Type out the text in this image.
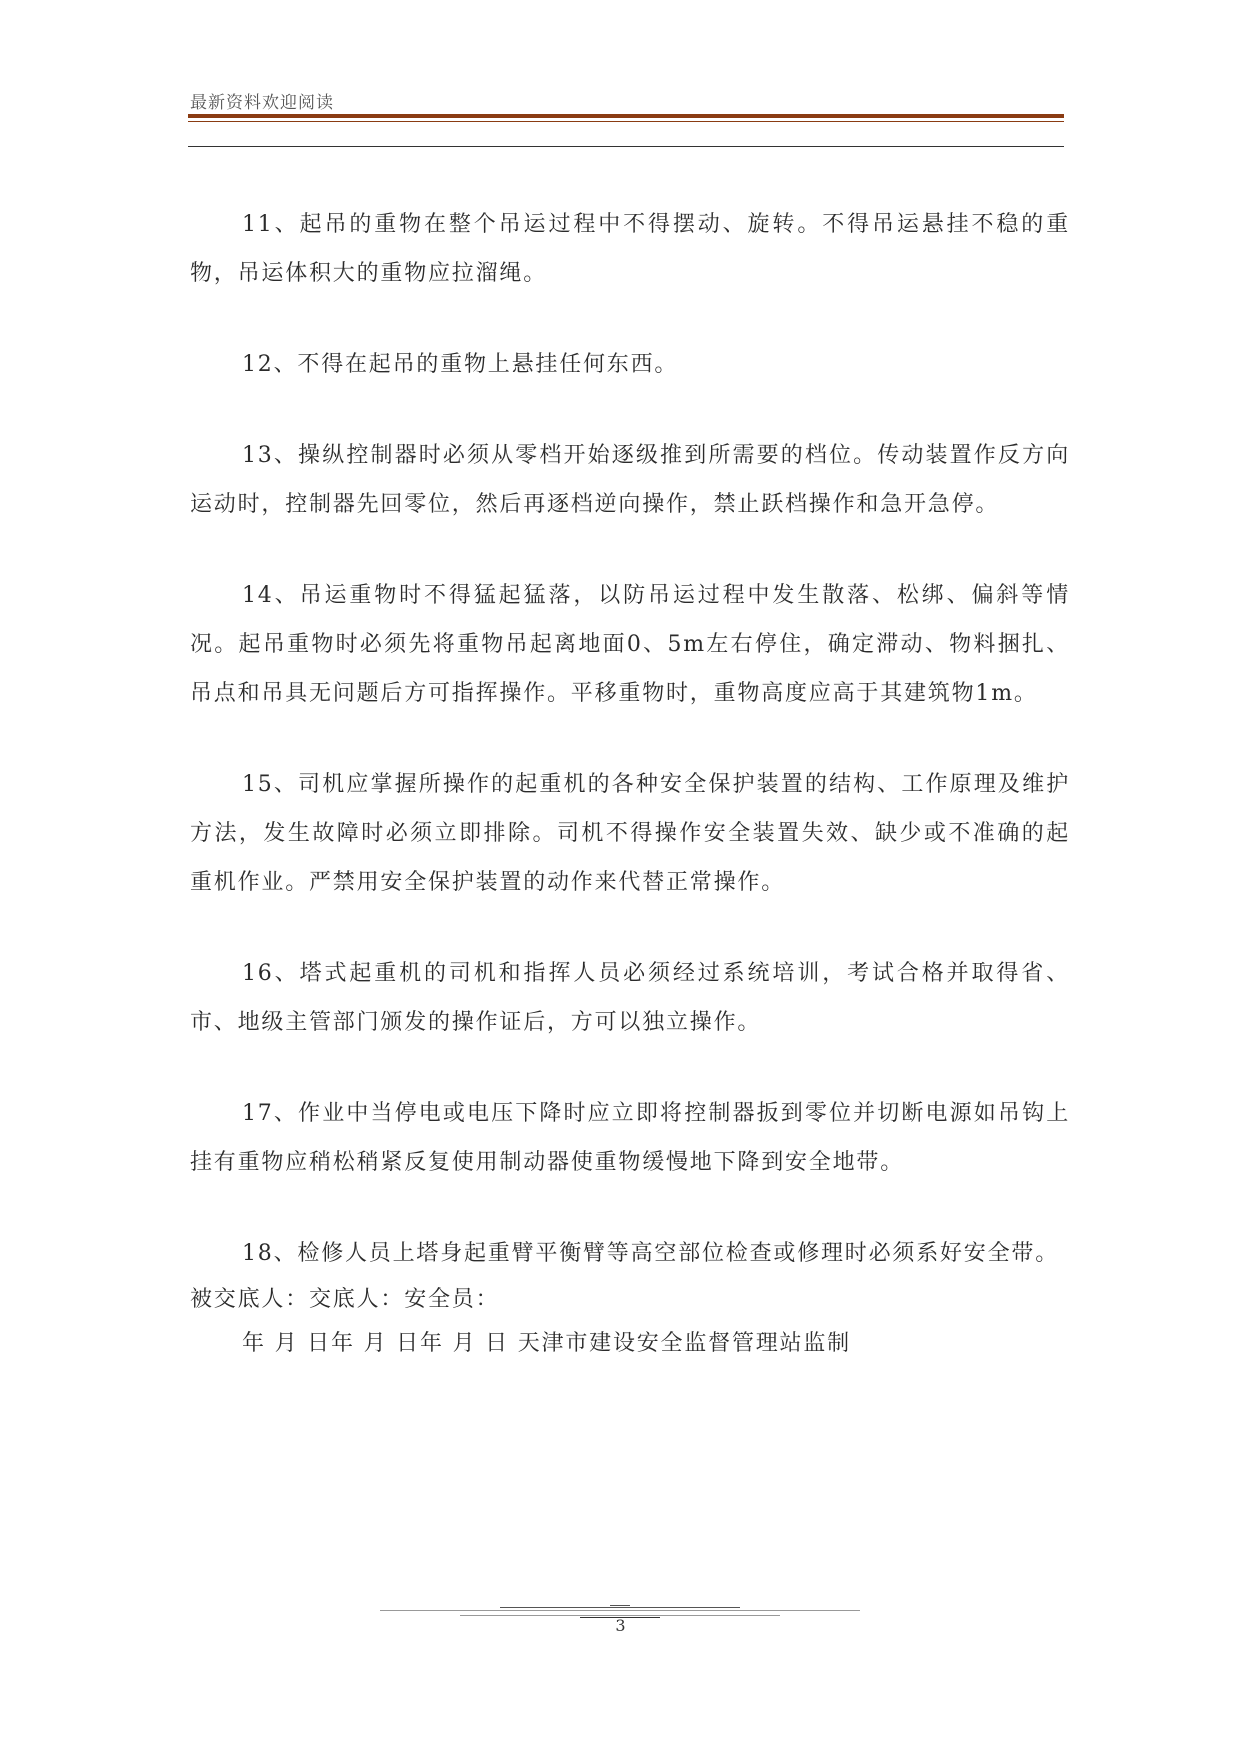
最新资料欢迎阅读

11、起吊的重物在整个吊运过程中不得摆动、旋转。不得吊运悬挂不稳的重物，吊运体积大的重物应拉溜绳。

12、不得在起吊的重物上悬挂任何东西。

13、操纵控制器时必须从零档开始逐级推到所需要的档位。传动装置作反方向运动时，控制器先回零位，然后再逐档逆向操作，禁止跃档操作和急开急停。

14、吊运重物时不得猛起猛落，以防吊运过程中发生散落、松绑、偏斜等情况。起吊重物时必须先将重物吊起离地面0、5m左右停住，确定滞动、物料捆扎、吊点和吊具无问题后方可指挥操作。平移重物时，重物高度应高于其建筑物1m。

15、司机应掌握所操作的起重机的各种安全保护装置的结构、工作原理及维护方法，发生故障时必须立即排除。司机不得操作安全装置失效、缺少或不准确的起重机作业。严禁用安全保护装置的动作来代替正常操作。

16、塔式起重机的司机和指挥人员必须经过系统培训，考试合格并取得省、市、地级主管部门颁发的操作证后，方可以独立操作。

17、作业中当停电或电压下降时应立即将控制器扳到零位并切断电源如吊钩上挂有重物应稍松稍紧反复使用制动器使重物缓慢地下降到安全地带。

18、检修人员上塔身起重臂平衡臂等高空部位检查或修理时必须系好安全带。

被交底人：交底人：安全员：
年 月 日年 月 日年 月 日 天津市建设安全监督管理站监制
3
